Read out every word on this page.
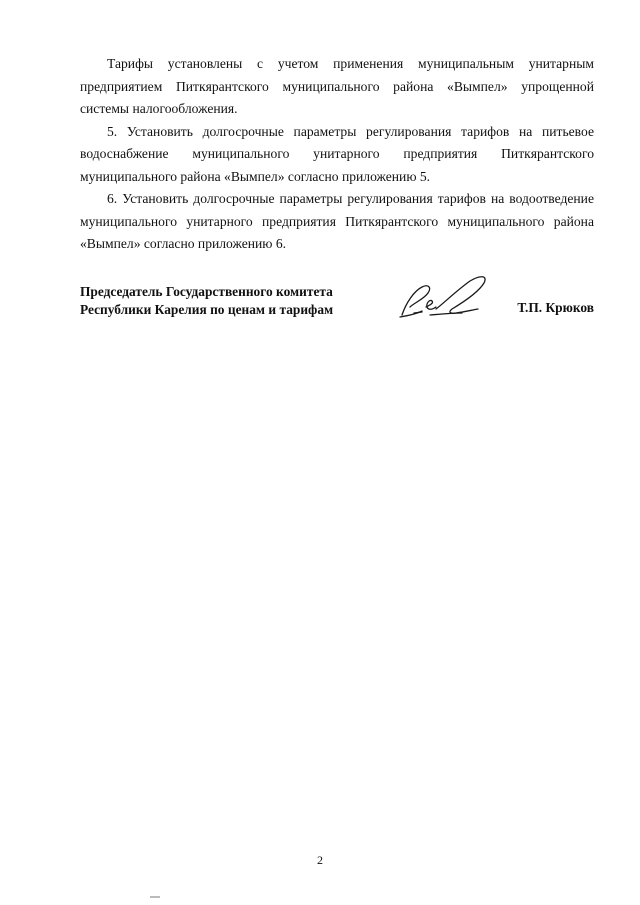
Тарифы установлены с учетом применения муниципальным унитарным предприятием Питкярантского муниципального района «Вымпел» упрощенной системы налогообложения.

5. Установить долгосрочные параметры регулирования тарифов на питьевое водоснабжение муниципального унитарного предприятия Питкярантского муниципального района «Вымпел» согласно приложению 5.

6. Установить долгосрочные параметры регулирования тарифов на водоотведение муниципального унитарного предприятия Питкярантского муниципального района «Вымпел» согласно приложению 6.

Председатель Государственного комитета
Республики Карелия по ценам и тарифам	Т.П. Крюков
2
